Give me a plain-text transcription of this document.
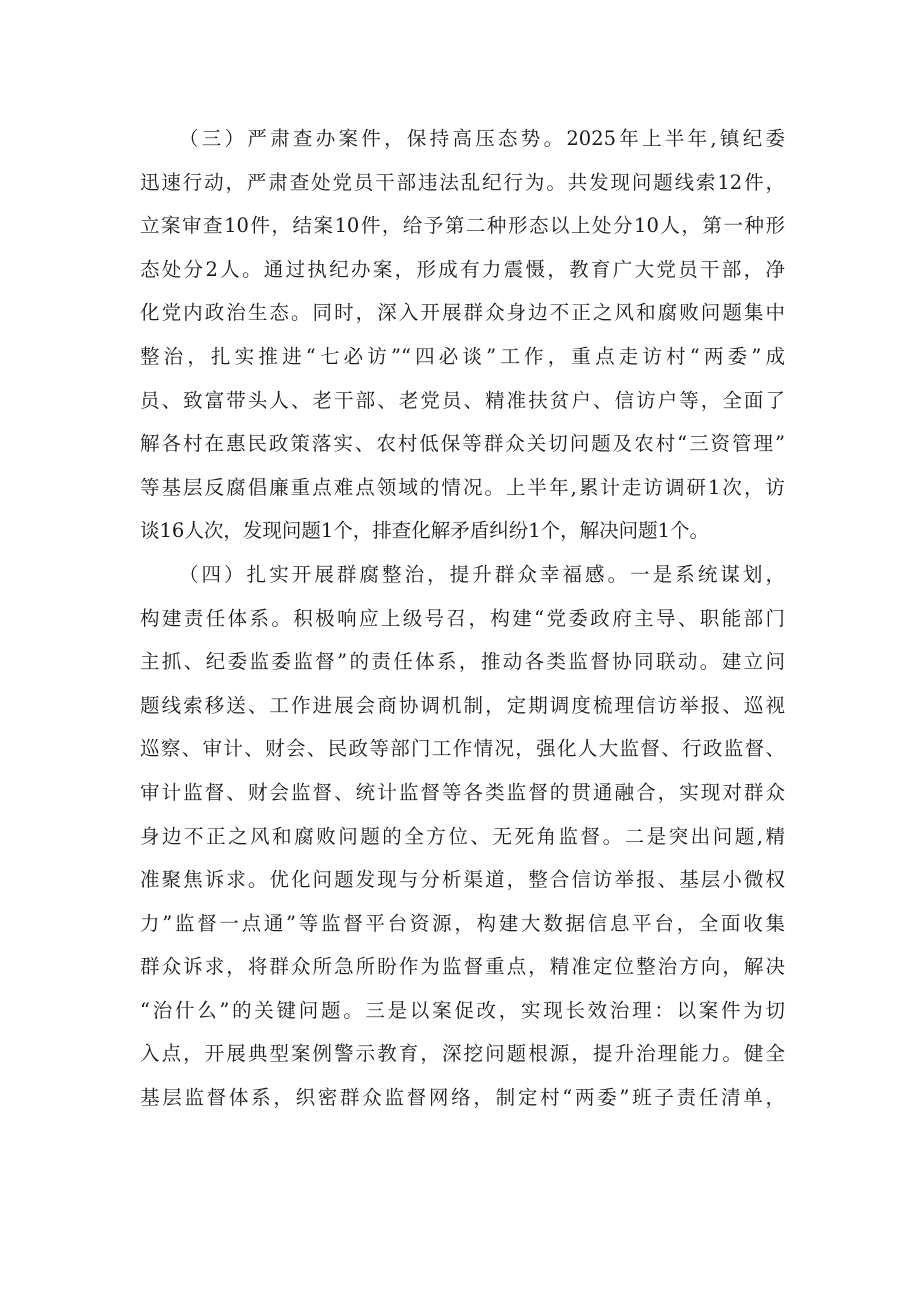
（三）严肃查办案件，保持高压态势。2025年上半年,镇纪委
迅速行动，严肃查处党员干部违法乱纪行为。共发现问题线索12件，
立案审查10件，结案10件，给予第二种形态以上处分10人，第一种形
态处分2人。通过执纪办案，形成有力震慑，教育广大党员干部，净
化党内政治生态。同时，深入开展群众身边不正之风和腐败问题集中
整治，扎实推进“七必访”“四必谈”工作，重点走访村“两委”成
员、致富带头人、老干部、老党员、精准扶贫户、信访户等，全面了
解各村在惠民政策落实、农村低保等群众关切问题及农村“三资管理”
等基层反腐倡廉重点难点领域的情况。上半年,累计走访调研1次，访
谈16人次，发现问题1个，排查化解矛盾纠纷1个，解决问题1个。

（四）扎实开展群腐整治，提升群众幸福感。一是系统谋划，
构建责任体系。积极响应上级号召，构建“党委政府主导、职能部门
主抓、纪委监委监督”的责任体系，推动各类监督协同联动。建立问
题线索移送、工作进展会商协调机制，定期调度梳理信访举报、巡视
巡察、审计、财会、民政等部门工作情况，强化人大监督、行政监督、
审计监督、财会监督、统计监督等各类监督的贯通融合，实现对群众
身边不正之风和腐败问题的全方位、无死角监督。二是突出问题,精
准聚焦诉求。优化问题发现与分析渠道，整合信访举报、基层小微权
力”监督一点通”等监督平台资源，构建大数据信息平台，全面收集
群众诉求，将群众所急所盼作为监督重点，精准定位整治方向，解决
“治什么”的关键问题。三是以案促改，实现长效治理：以案件为切
入点，开展典型案例警示教育，深挖问题根源，提升治理能力。健全
基层监督体系，织密群众监督网络，制定村“两委”班子责任清单，
